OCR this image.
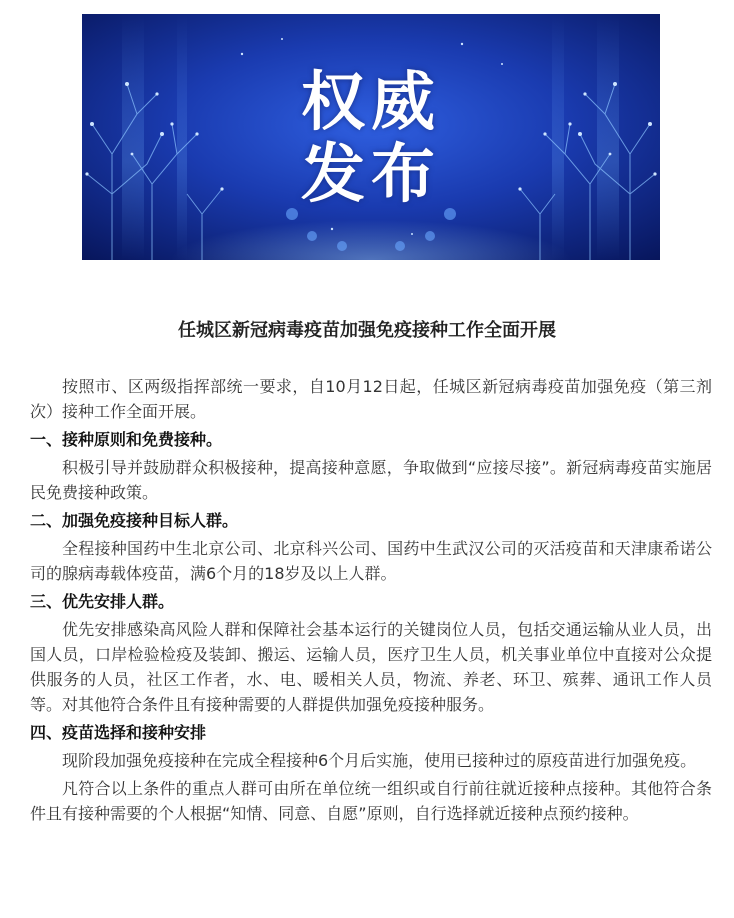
权威
发布
任城区新冠病毒疫苗加强免疫接种工作全面开展

按照市、区两级指挥部统一要求，自10月12日起，任城区新冠病毒疫苗加强免疫（第三剂次）接种工作全面开展。

一、接种原则和免费接种。

积极引导并鼓励群众积极接种，提高接种意愿，争取做到“应接尽接”。新冠病毒疫苗实施居民免费接种政策。

二、加强免疫接种目标人群。

全程接种国药中生北京公司、北京科兴公司、国药中生武汉公司的灭活疫苗和天津康希诺公司的腺病毒载体疫苗，满6个月的18岁及以上人群。

三、优先安排人群。

优先安排感染高风险人群和保障社会基本运行的关键岗位人员，包括交通运输从业人员，出国人员，口岸检验检疫及装卸、搬运、运输人员，医疗卫生人员，机关事业单位中直接对公众提供服务的人员，社区工作者，水、电、暖相关人员，物流、养老、环卫、殡葬、通讯工作人员等。对其他符合条件且有接种需要的人群提供加强免疫接种服务。

四、疫苗选择和接种安排

现阶段加强免疫接种在完成全程接种6个月后实施，使用已接种过的原疫苗进行加强免疫。

凡符合以上条件的重点人群可由所在单位统一组织或自行前往就近接种点接种。其他符合条件且有接种需要的个人根据“知情、同意、自愿”原则，自行选择就近接种点预约接种。
